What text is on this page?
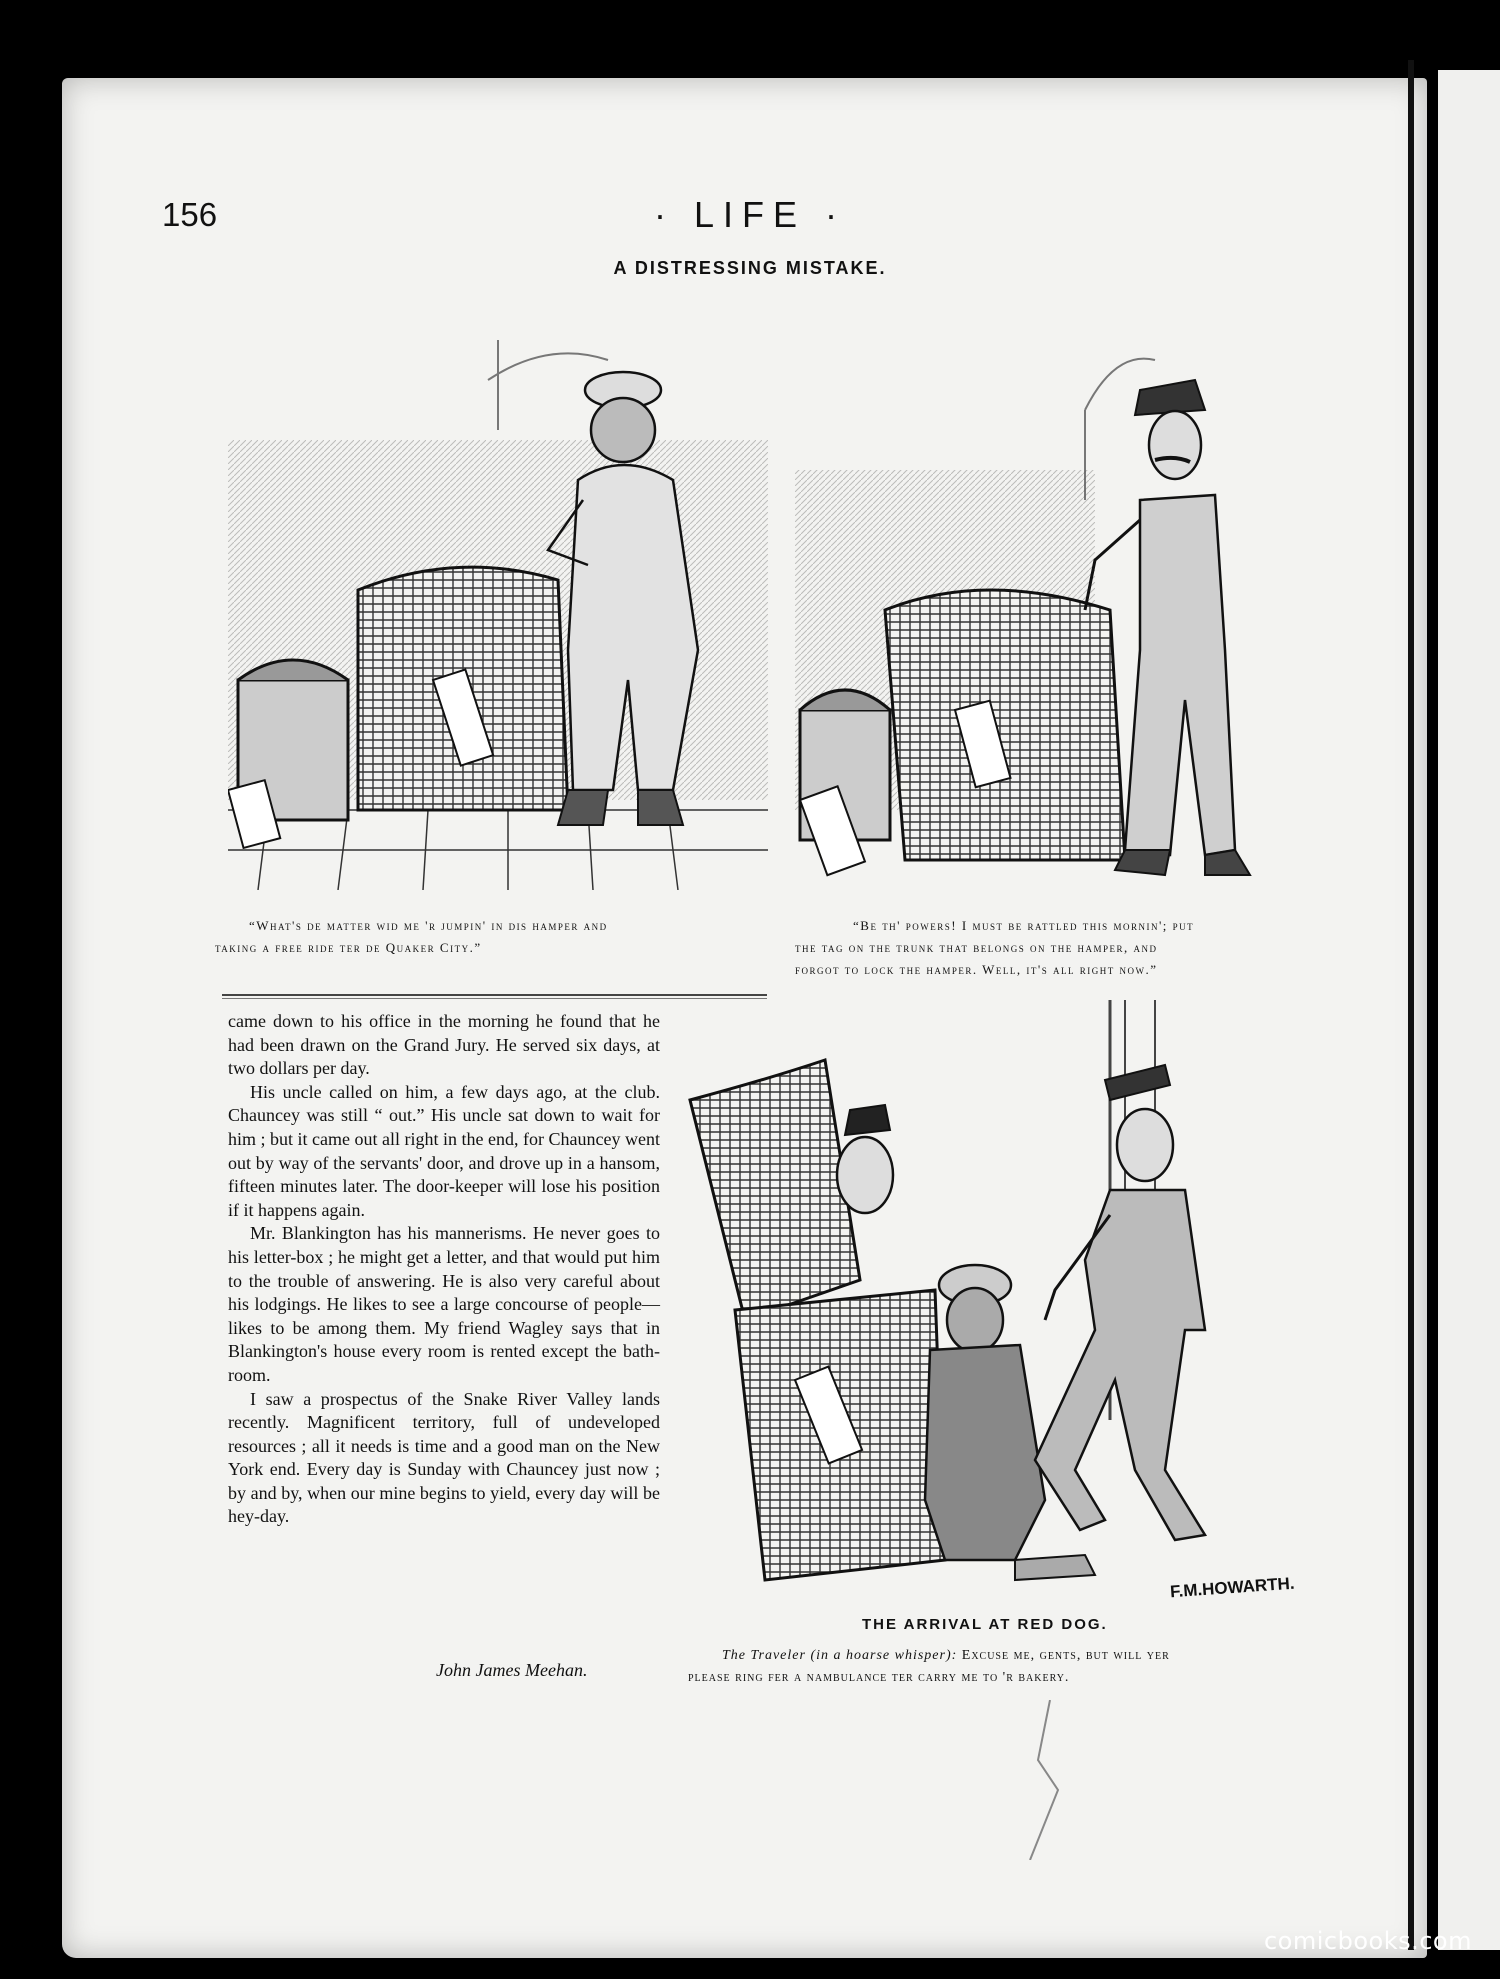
156	· LIFE ·
A DISTRESSING MISTAKE.
“What's de matter wid me 'r jumpin' in dis hamper and
taking a free ride ter de Quaker City.”
“Be th' powers! I must be rattled this mornin'; put
the tag on the trunk that belongs on the hamper, and
forgot to lock the hamper. Well, it's all right now.”

came down to his office in the morning he found that he had been drawn on the Grand Jury. He served six days, at two dollars per day.

His uncle called on him, a few days ago, at the club. Chauncey was still “ out.” His uncle sat down to wait for him ; but it came out all right in the end, for Chauncey went out by way of the servants' door, and drove up in a hansom, fifteen minutes later. The door-keeper will lose his position if it happens again.

Mr. Blankington has his mannerisms. He never goes to his letter-box ; he might get a letter, and that would put him to the trouble of answering. He is also very careful about his lodgings. He likes to see a large concourse of people—likes to be among them. My friend Wagley says that in Blankington's house every room is rented except the bath-room.

I saw a prospectus of the Snake River Valley lands recently. Magnificent territory, full of undeveloped resources ; all it needs is time and a good man on the New York end. Every day is Sunday with Chauncey just now ; by and by, when our mine begins to yield, every day will be hey-day.

John James Meehan.
F.M.HOWARTH.
THE ARRIVAL AT RED DOG.
The Traveler (in a hoarse whisper): Excuse me, gents, but will yer
please ring fer a nambulance ter carry me to 'r bakery.
comicbooks.com
